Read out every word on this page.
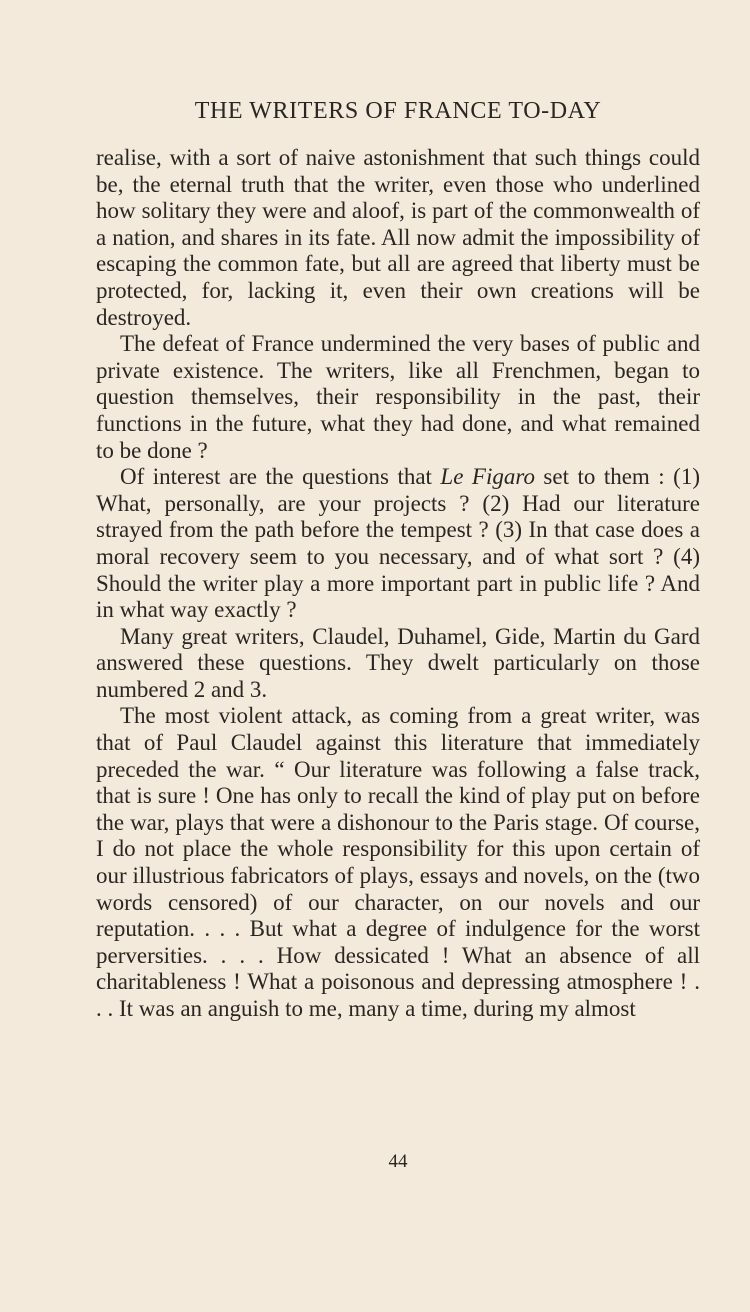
THE WRITERS OF FRANCE TO-DAY

realise, with a sort of naive astonishment that such things could be, the eternal truth that the writer, even those who underlined how solitary they were and aloof, is part of the commonwealth of a nation, and shares in its fate. All now admit the impossibility of escaping the common fate, but all are agreed that liberty must be protected, for, lacking it, even their own creations will be destroyed.

The defeat of France undermined the very bases of public and private existence. The writers, like all Frenchmen, began to question themselves, their responsibility in the past, their functions in the future, what they had done, and what remained to be done ?

Of interest are the questions that Le Figaro set to them : (1) What, personally, are your projects ? (2) Had our literature strayed from the path before the tempest ? (3) In that case does a moral recovery seem to you necessary, and of what sort ? (4) Should the writer play a more important part in public life ? And in what way exactly ?

Many great writers, Claudel, Duhamel, Gide, Martin du Gard answered these questions. They dwelt particularly on those numbered 2 and 3.

The most violent attack, as coming from a great writer, was that of Paul Claudel against this literature that immediately preceded the war. “ Our literature was following a false track, that is sure ! One has only to recall the kind of play put on before the war, plays that were a dishonour to the Paris stage. Of course, I do not place the whole responsibility for this upon certain of our illustrious fabricators of plays, essays and novels, on the (two words censored) of our character, on our novels and our reputation. . . . But what a degree of indulgence for the worst perversities. . . . How dessicated ! What an absence of all charitableness ! What a poisonous and depressing atmosphere ! . . . It was an anguish to me, many a time, during my almost

44
